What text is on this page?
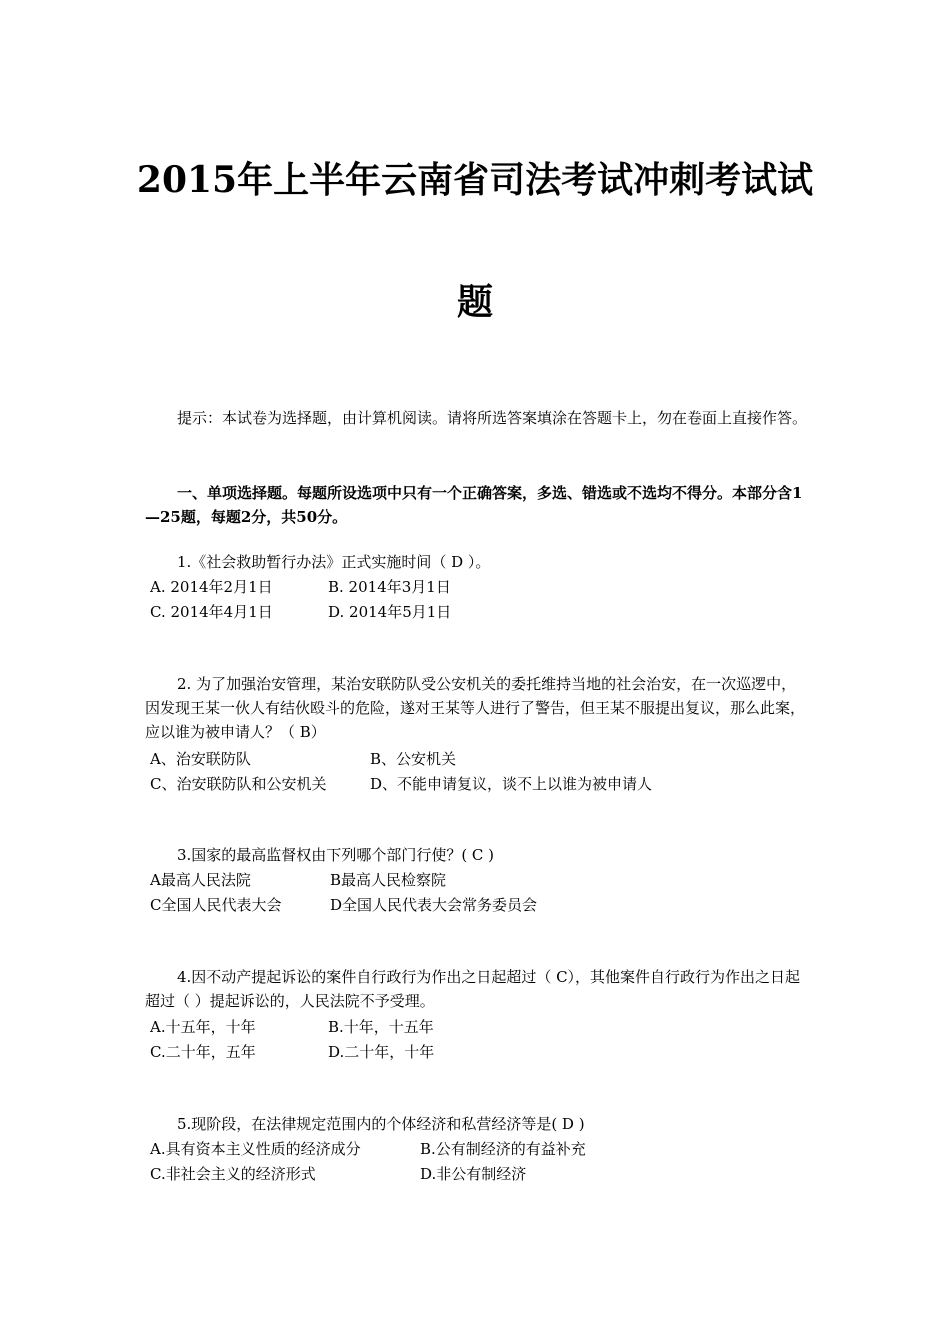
2015年上半年云南省司法考试冲刺考试试
题
提示：本试卷为选择题，由计算机阅读。请将所选答案填涂在答题卡上，勿在卷面上直接作答。
一、单项选择题。每题所设选项中只有一个正确答案，多选、错选或不选均不得分。本部分含1—25题，每题2分，共50分。
1.《社会救助暂行办法》正式实施时间（ D ）。
A. 2014年2月1日	B. 2014年3月1日
C. 2014年4月1日	D. 2014年5月1日
2. 为了加强治安管理，某治安联防队受公安机关的委托维持当地的社会治安，在一次巡逻中，因发现王某一伙人有结伙殴斗的危险，遂对王某等人进行了警告，但王某不服提出复议，那么此案，应以谁为被申请人？（ B）
A、治安联防队	B、公安机关
C、治安联防队和公安机关	D、不能申请复议，谈不上以谁为被申请人
3.国家的最高监督权由下列哪个部门行使？( C )
A最高人民法院	B最高人民检察院
C全国人民代表大会	D全国人民代表大会常务委员会
4.因不动产提起诉讼的案件自行政行为作出之日起超过（ C），其他案件自行政行为作出之日起超过（ ）提起诉讼的，人民法院不予受理。
A.十五年，十年	B.十年，十五年
C.二十年，五年	D.二十年，十年
5.现阶段，在法律规定范围内的个体经济和私营经济等是( D )
A.具有资本主义性质的经济成分	B.公有制经济的有益补充
C.非社会主义的经济形式	D.非公有制经济
